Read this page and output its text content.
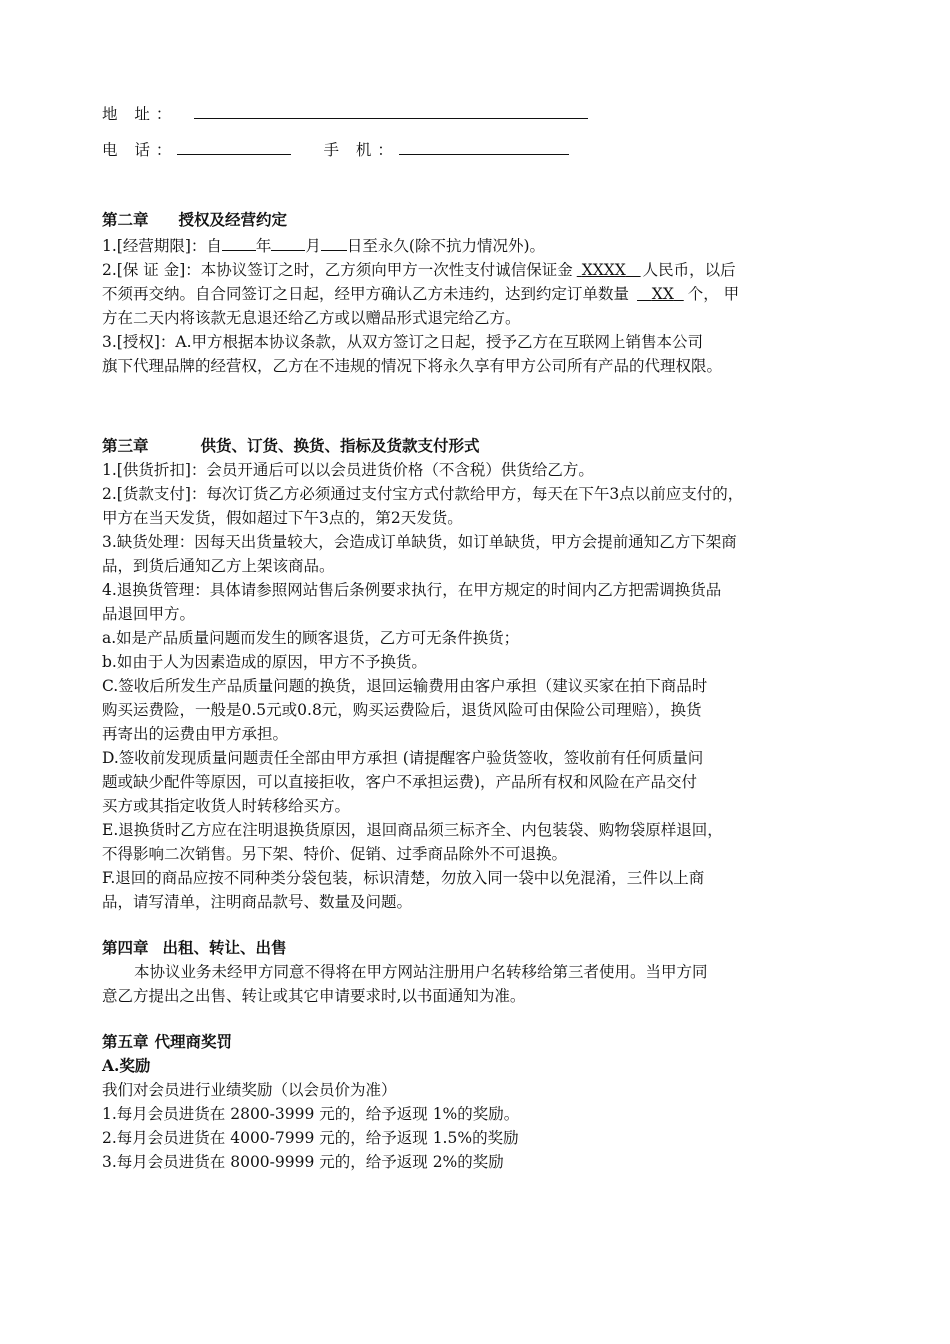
地 址：
电 话：	手 机：
第二章 授权及经营约定
1.[经营期限]：自 年 月 日至永久(除不抗力情况外)。
2.[保 证 金]：本协议签订之时，乙方须向甲方一次性支付诚信保证金 XXXX 人民币，以后
不须再交纳。自合同签订之日起，经甲方确认乙方未违约，达到约定订单数量 XX 个， 甲
方在二天内将该款无息退还给乙方或以赠品形式退完给乙方。
3.[授权]：A.甲方根据本协议条款，从双方签订之日起，授予乙方在互联网上销售本公司
旗下代理品牌的经营权，乙方在不违规的情况下将永久享有甲方公司所有产品的代理权限。
第三章	供货、订货、换货、指标及货款支付形式
1.[供货折扣]：会员开通后可以以会员进货价格（不含税）供货给乙方。
2.[货款支付]：每次订货乙方必须通过支付宝方式付款给甲方，每天在下午3点以前应支付的，
甲方在当天发货，假如超过下午3点的，第2天发货。
3.缺货处理：因每天出货量较大，会造成订单缺货，如订单缺货，甲方会提前通知乙方下架商
品，到货后通知乙方上架该商品。
4.退换货管理：具体请参照网站售后条例要求执行，在甲方规定的时间内乙方把需调换货品
品退回甲方。
a.如是产品质量问题而发生的顾客退货，乙方可无条件换货；
b.如由于人为因素造成的原因，甲方不予换货。
C.签收后所发生产品质量问题的换货，退回运输费用由客户承担（建议买家在拍下商品时
购买运费险，一般是0.5元或0.8元，购买运费险后，退货风险可由保险公司理赔），换货
再寄出的运费由甲方承担。
D.签收前发现质量问题责任全部由甲方承担 (请提醒客户验货签收，签收前有任何质量问
题或缺少配件等原因，可以直接拒收，客户不承担运费)，产品所有权和风险在产品交付
买方或其指定收货人时转移给买方。
E.退换货时乙方应在注明退换货原因，退回商品须三标齐全、内包装袋、购物袋原样退回，
不得影响二次销售。另下架、特价、促销、过季商品除外不可退换。
F.退回的商品应按不同种类分袋包装，标识清楚，勿放入同一袋中以免混淆，三件以上商
品，请写清单，注明商品款号、数量及问题。
第四章 出租、转让、出售
本协议业务未经甲方同意不得将在甲方网站注册用户名转移给第三者使用。当甲方同
意乙方提出之出售、转让或其它申请要求时,以书面通知为准。
第五章 代理商奖罚
A.奖励
我们对会员进行业绩奖励（以会员价为准）
1.每月会员进货在 2800-3999 元的，给予返现 1%的奖励。
2.每月会员进货在 4000-7999 元的，给予返现 1.5%的奖励
3.每月会员进货在 8000-9999 元的，给予返现 2%的奖励
